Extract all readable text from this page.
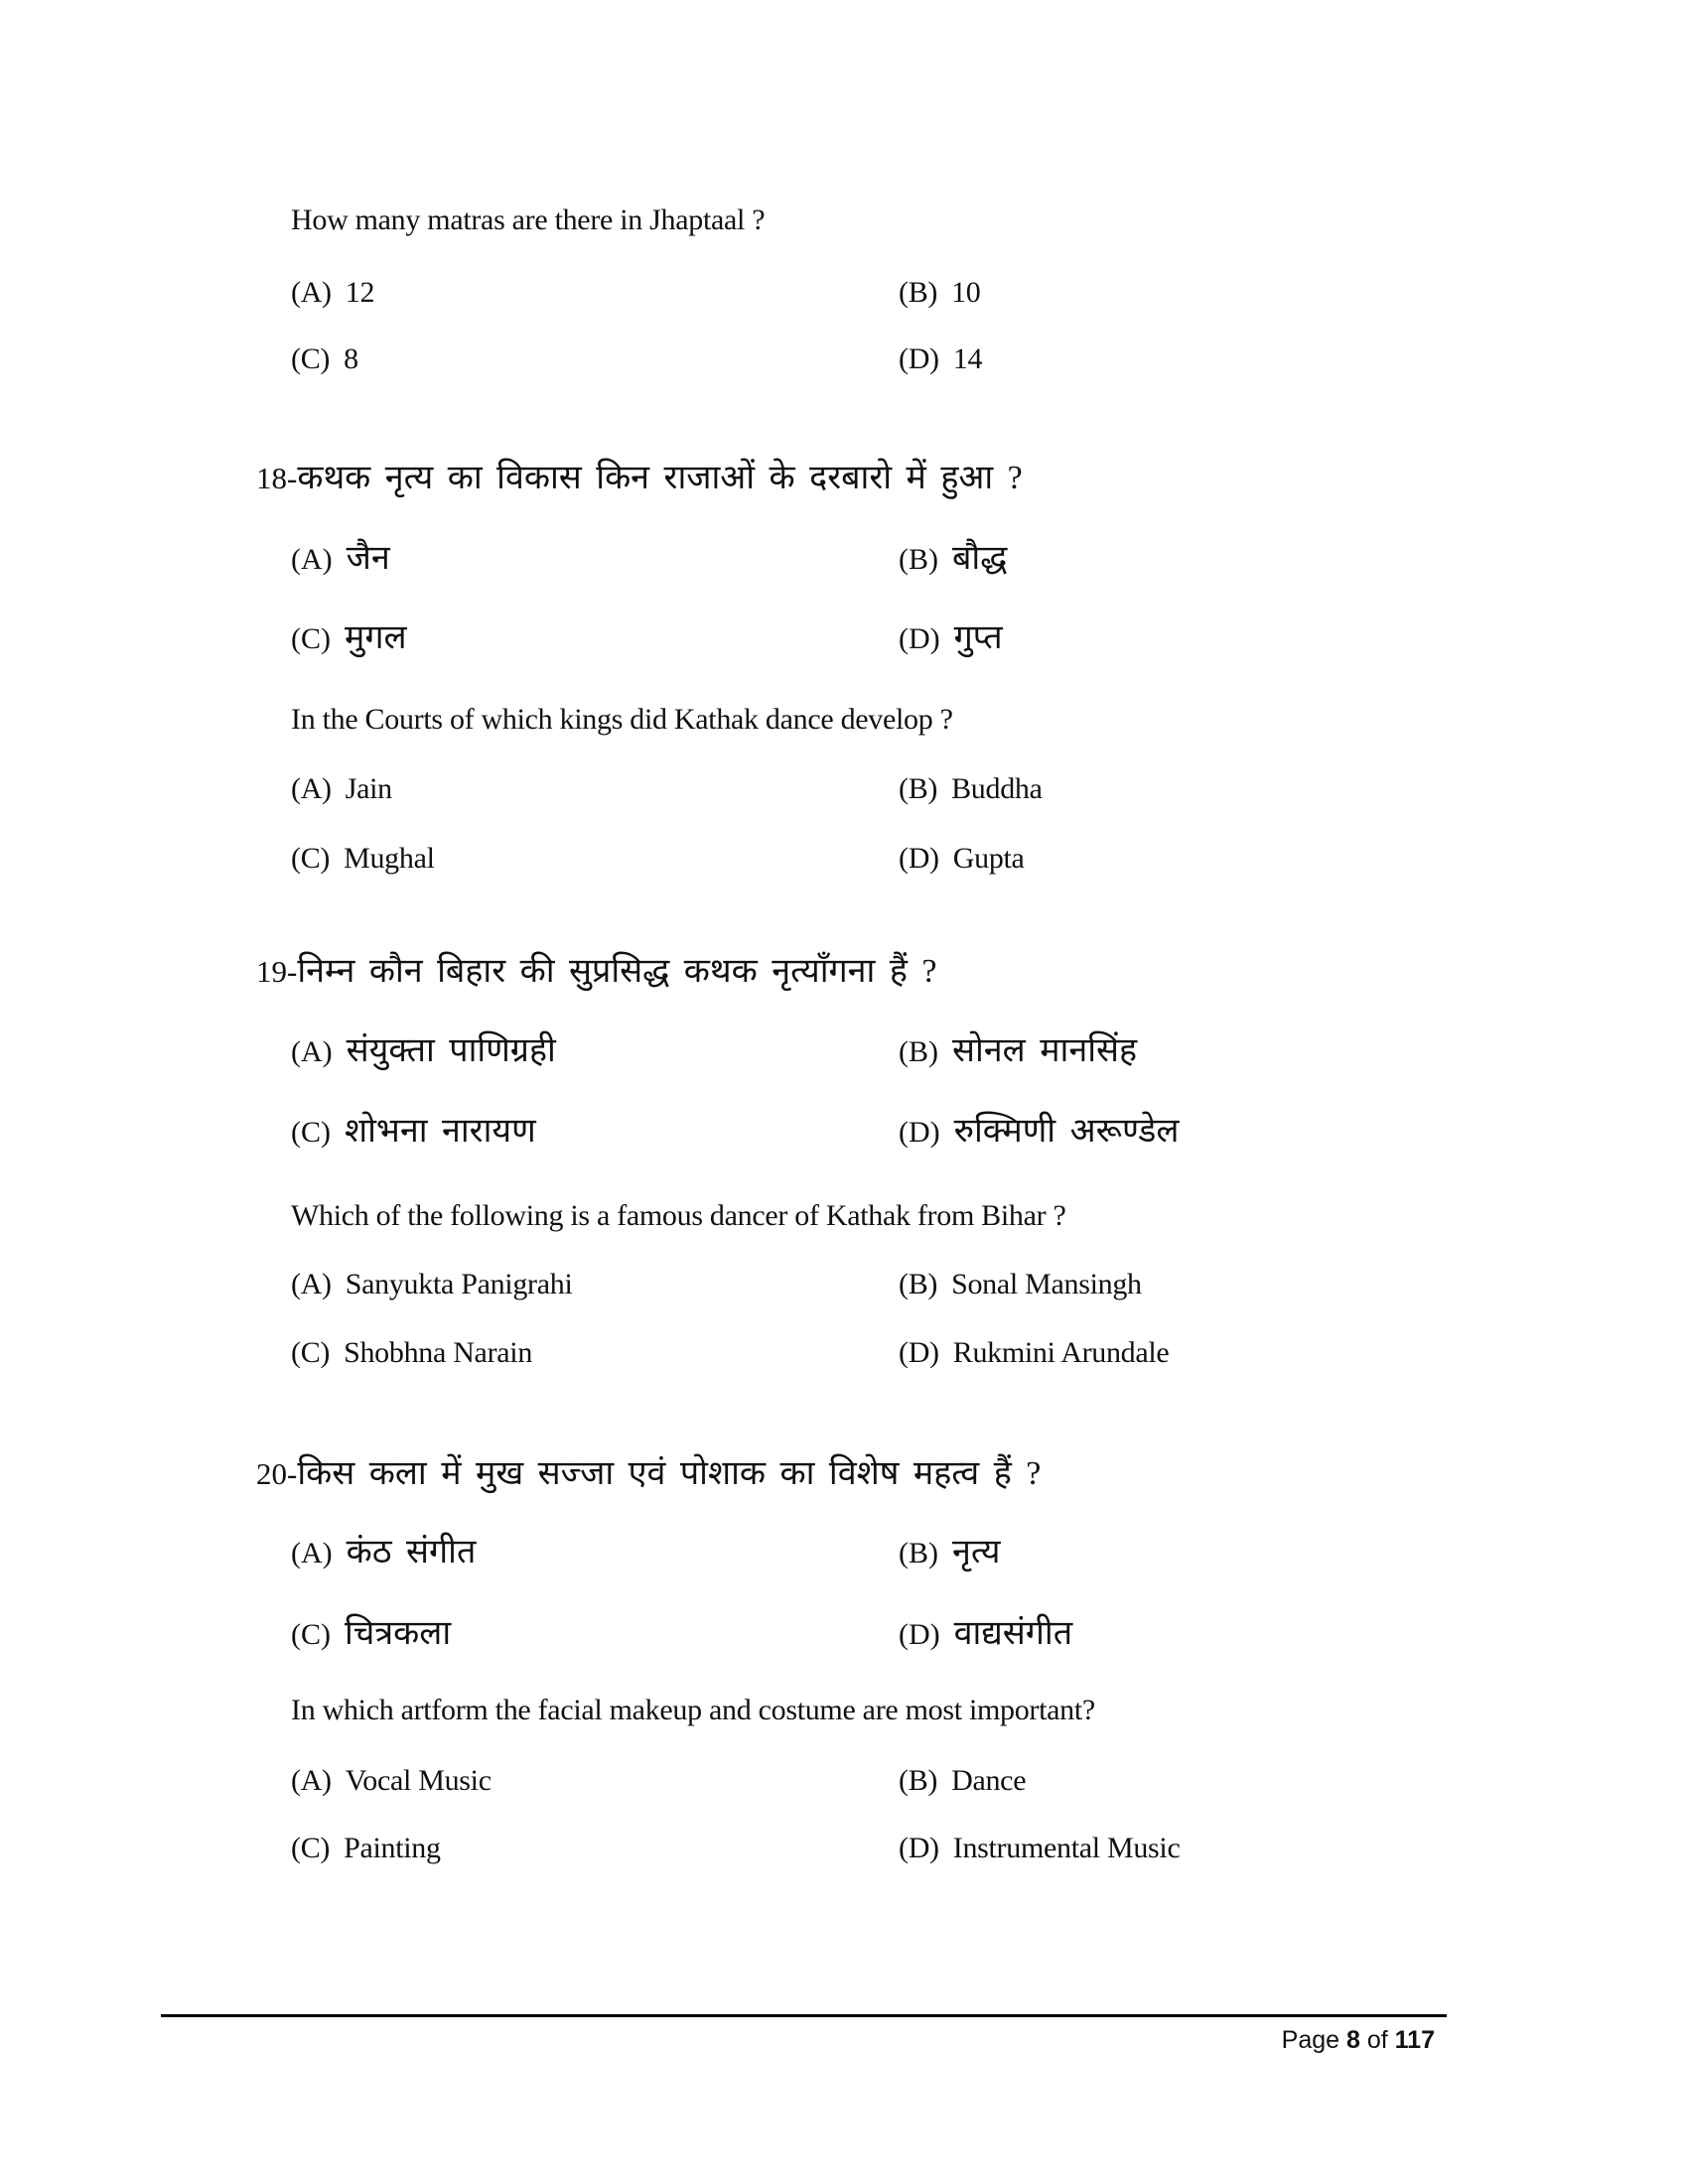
How many matras are there in Jhaptaal ?
(A) 12	(B) 10
(C) 8	(D) 14
18-कथक नृत्य का विकास किन राजाओं के दरबारो में हुआ ?
(A) जैन	(B) बौद्ध
(C) मुगल	(D) गुप्त
In the Courts of which kings did Kathak dance develop ?
(A) Jain	(B) Buddha
(C) Mughal	(D) Gupta
19-निम्न कौन बिहार की सुप्रसिद्ध कथक नृत्याँगना हैं ?
(A) संयुक्ता पाणिग्रही	(B) सोनल मानसिंह
(C) शोभना नारायण	(D) रुक्मिणी अरूण्डेल
Which of the following is a famous dancer of Kathak from Bihar ?
(A) Sanyukta Panigrahi	(B) Sonal Mansingh
(C) Shobhna Narain	(D) Rukmini Arundale
20-किस कला में मुख सज्जा एवं पोशाक का विशेष महत्व हैं ?
(A) कंठ संगीत	(B) नृत्य
(C) चित्रकला	(D) वाद्यसंगीत
In which artform the facial makeup and costume are most important?
(A) Vocal Music	(B) Dance
(C) Painting	(D) Instrumental Music
Page 8 of 117
